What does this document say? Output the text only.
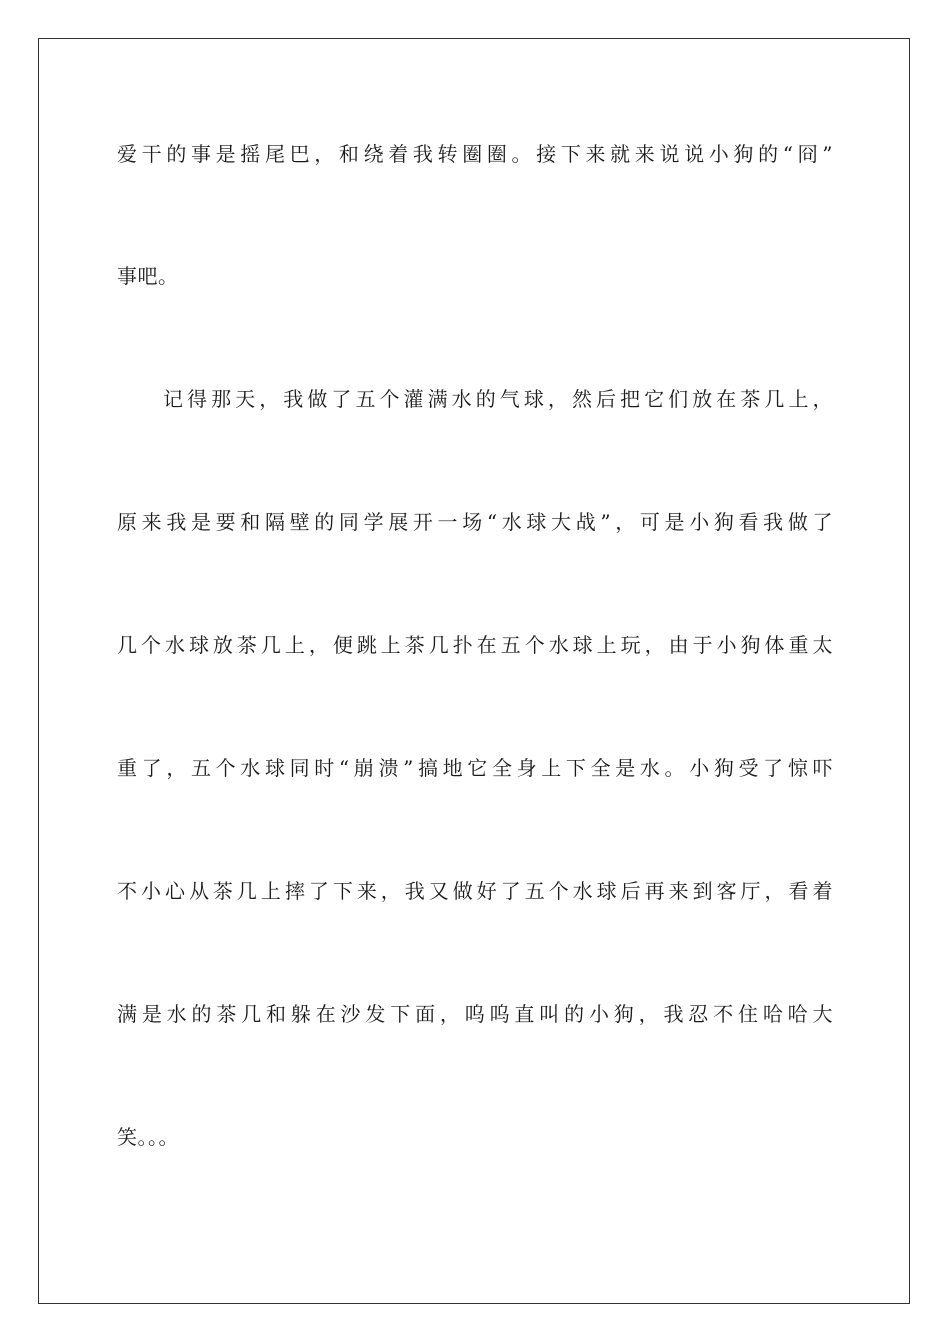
爱干的事是摇尾巴，和绕着我转圈圈。接下来就来说说小狗的“冏”

事吧。

记得那天，我做了五个灌满水的气球，然后把它们放在茶几上，

原来我是要和隔壁的同学展开一场“水球大战”，可是小狗看我做了

几个水球放茶几上，便跳上茶几扑在五个水球上玩，由于小狗体重太

重了，五个水球同时“崩溃”搞地它全身上下全是水。小狗受了惊吓

不小心从茶几上摔了下来，我又做好了五个水球后再来到客厅，看着

满是水的茶几和躲在沙发下面，呜呜直叫的小狗，我忍不住哈哈大

笑。。。
